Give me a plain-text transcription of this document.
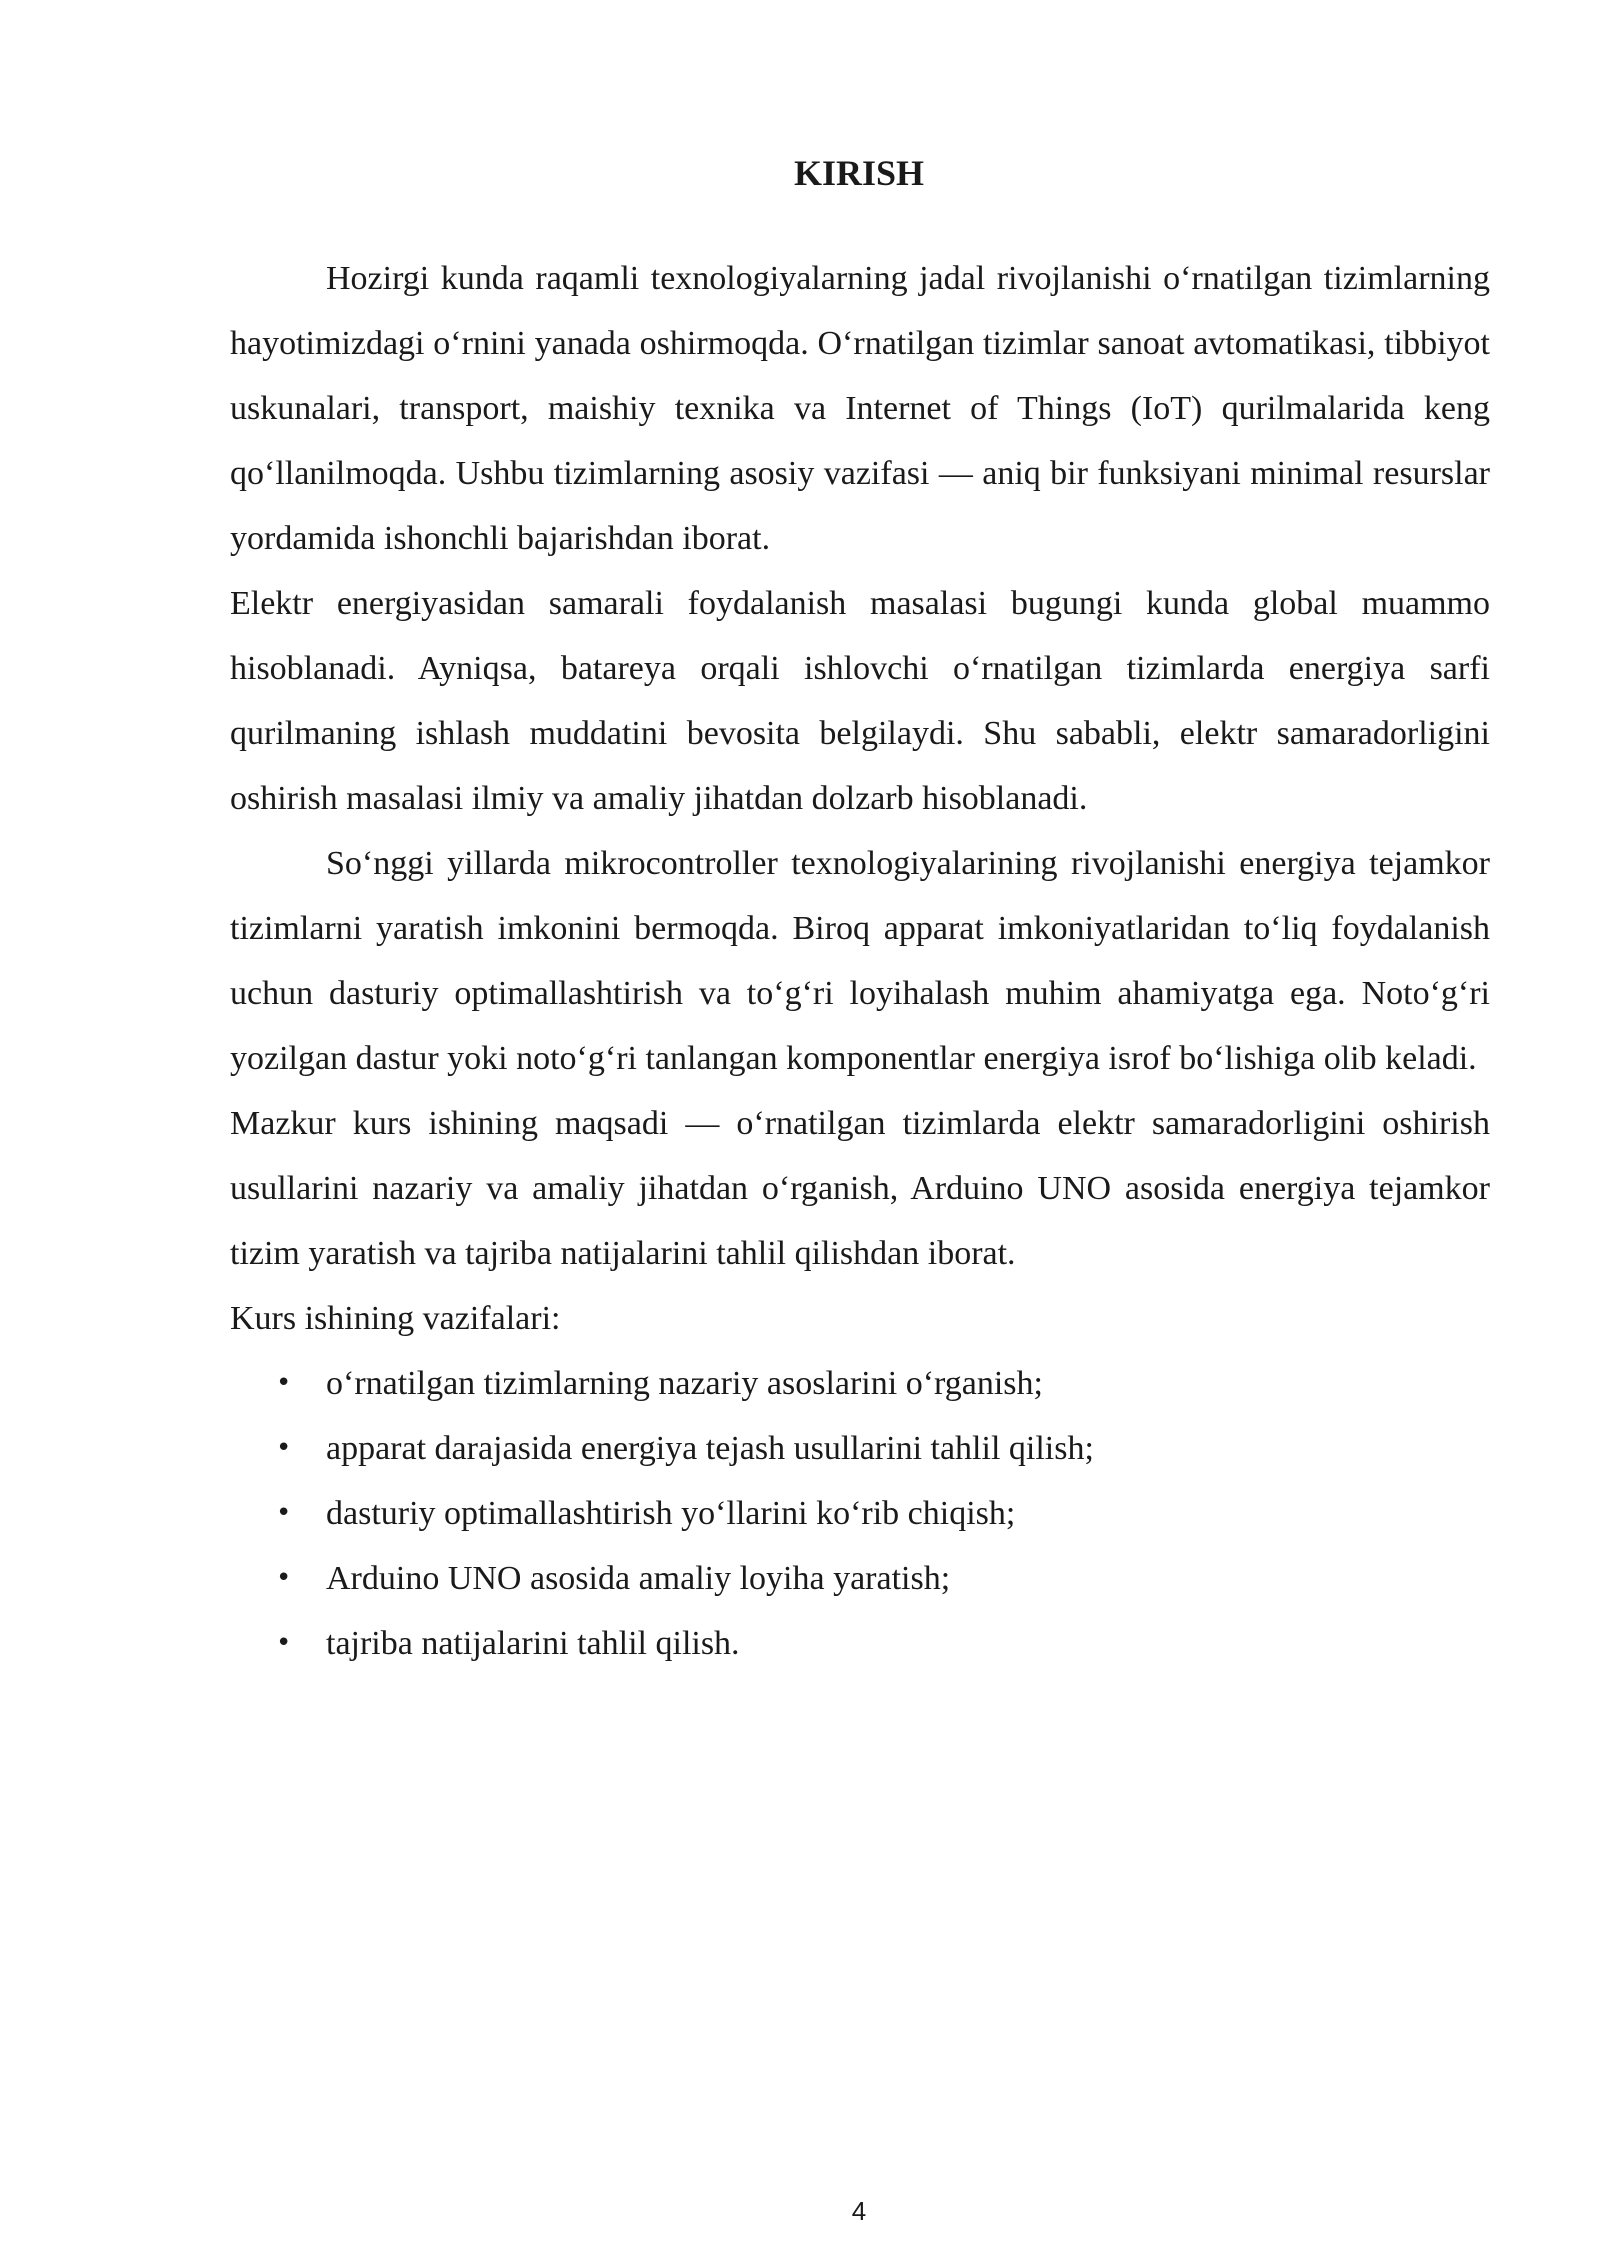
KIRISH

Hozirgi kunda raqamli texnologiyalarning jadal rivojlanishi o‘rnatilgan tizimlarning hayotimizdagi o‘rnini yanada oshirmoqda. O‘rnatilgan tizimlar sanoat avtomatikasi, tibbiyot uskunalari, transport, maishiy texnika va Internet of Things (IoT) qurilmalarida keng qo‘llanilmoqda. Ushbu tizimlarning asosiy vazifasi — aniq bir funksiyani minimal resurslar yordamida ishonchli bajarishdan iborat.

Elektr energiyasidan samarali foydalanish masalasi bugungi kunda global muammo hisoblanadi. Ayniqsa, batareya orqali ishlovchi o‘rnatilgan tizimlarda energiya sarfi qurilmaning ishlash muddatini bevosita belgilaydi. Shu sababli, elektr samaradorligini oshirish masalasi ilmiy va amaliy jihatdan dolzarb hisoblanadi.

So‘nggi yillarda mikrocontroller texnologiyalarining rivojlanishi energiya tejamkor tizimlarni yaratish imkonini bermoqda. Biroq apparat imkoniyatlaridan to‘liq foydalanish uchun dasturiy optimallashtirish va to‘g‘ri loyihalash muhim ahamiyatga ega. Noto‘g‘ri yozilgan dastur yoki noto‘g‘ri tanlangan komponentlar energiya isrof bo‘lishiga olib keladi.

Mazkur kurs ishining maqsadi — o‘rnatilgan tizimlarda elektr samaradorligini oshirish usullarini nazariy va amaliy jihatdan o‘rganish, Arduino UNO asosida energiya tejamkor tizim yaratish va tajriba natijalarini tahlil qilishdan iborat.

Kurs ishining vazifalari:

• o‘rnatilgan tizimlarning nazariy asoslarini o‘rganish;
• apparat darajasida energiya tejash usullarini tahlil qilish;
• dasturiy optimallashtirish yo‘llarini ko‘rib chiqish;
• Arduino UNO asosida amaliy loyiha yaratish;
• tajriba natijalarini tahlil qilish.
4
